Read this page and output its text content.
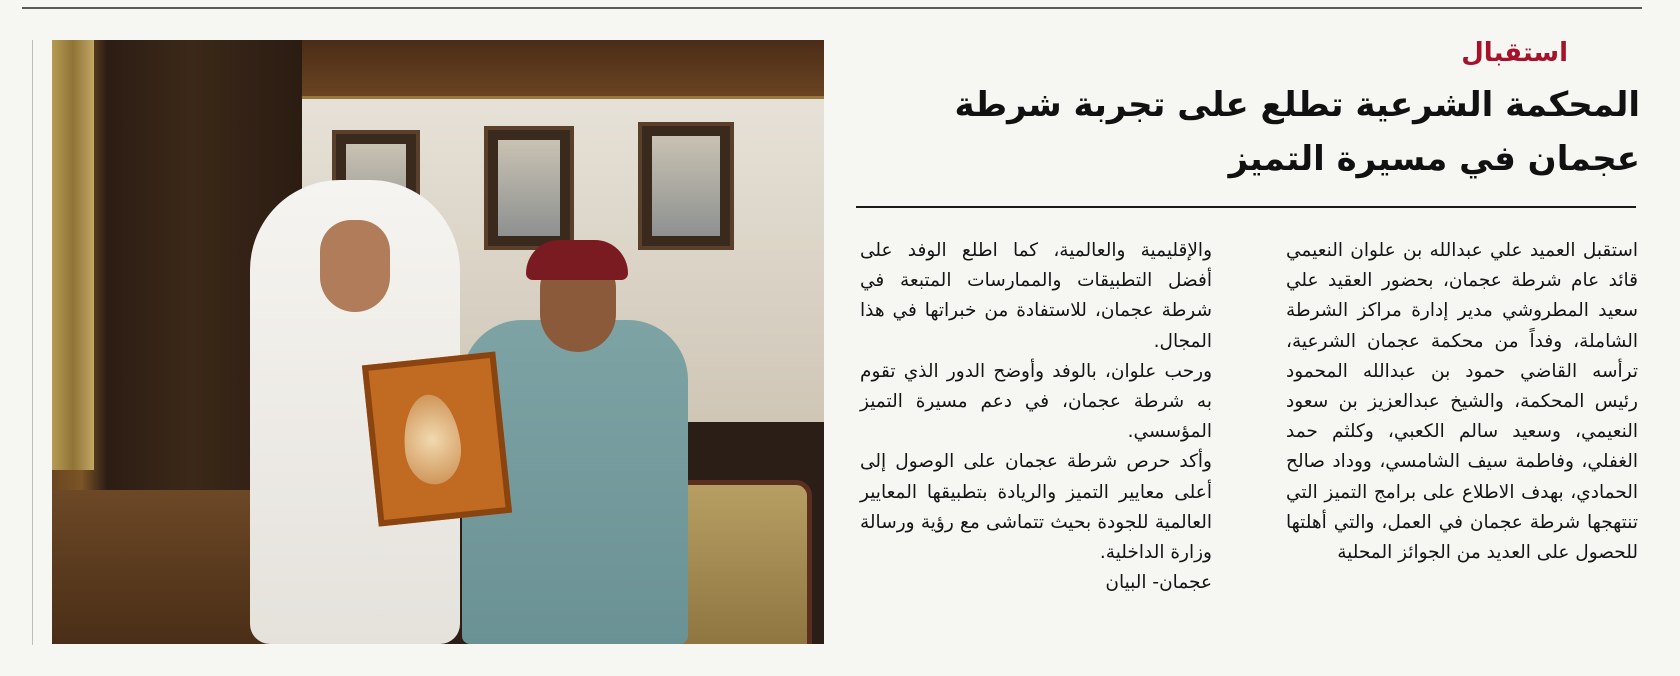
استقبال
المحكمة الشرعية تطلع على تجربة شرطة عجمان في مسيرة التميز

استقبل العميد علي عبدالله بن علوان النعيمي قائد عام شرطة عجمان، بحضور العقيد علي سعيد المطروشي مدير إدارة مراكز الشرطة الشاملة، وفداً من محكمة عجمان الشرعية، ترأسه القاضي حمود بن عبدالله المحمود رئيس المحكمة، والشيخ عبدالعزيز بن سعود النعيمي، وسعيد سالم الكعبي، وكلثم حمد الغفلي، وفاطمة سيف الشامسي، ووداد صالح الحمادي، بهدف الاطلاع على برامج التميز التي تنتهجها شرطة عجمان في العمل، والتي أهلتها للحصول على العديد من الجوائز المحلية

والإقليمية والعالمية، كما اطلع الوفد على أفضل التطبيقات والممارسات المتبعة في شرطة عجمان، للاستفادة من خبراتها في هذا المجال.

ورحب علوان، بالوفد وأوضح الدور الذي تقوم به شرطة عجمان، في دعم مسيرة التميز المؤسسي.

وأكد حرص شرطة عجمان على الوصول إلى أعلى معايير التميز والريادة بتطبيقها المعايير العالمية للجودة بحيث تتماشى مع رؤية ورسالة وزارة الداخلية.

عجمان- البيان
